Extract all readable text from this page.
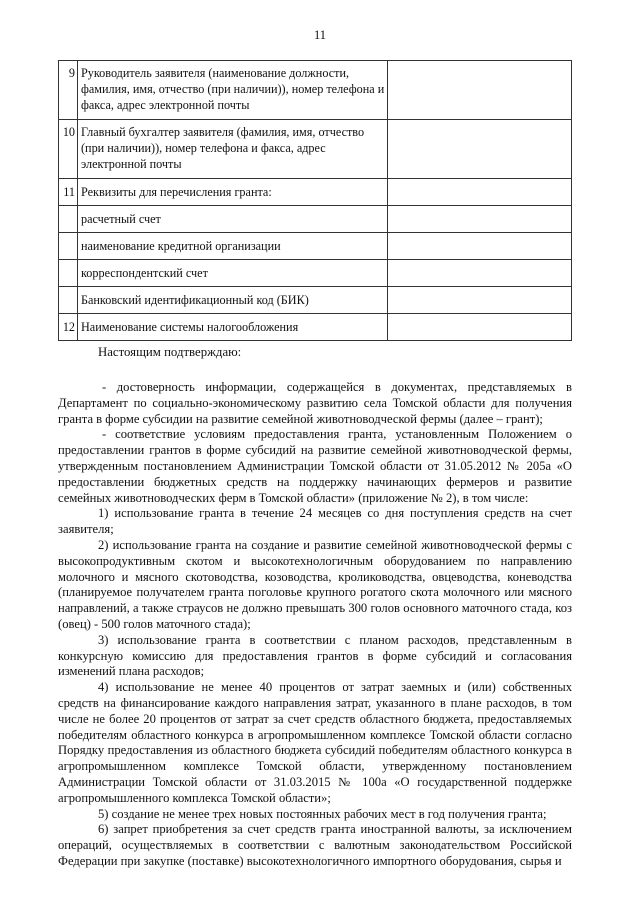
11
9	Руководитель заявителя (наименование должности, фамилия, имя, отчество (при наличии)), номер телефона и факса, адрес электронной почты	
10	Главный бухгалтер заявителя (фамилия, имя, отчество (при наличии)), номер телефона и факса, адрес электронной почты	
11	Реквизиты для перечисления гранта:	
	расчетный счет	
	наименование кредитной организации	
	корреспондентский счет	
	Банковский идентификационный код (БИК)	
12	Наименование системы налогообложения	
Настоящим подтверждаю:

- достоверность информации, содержащейся в документах, представляемых в Департамент по социально-экономическому развитию села Томской области для получения гранта в форме субсидии на развитие семейной животноводческой фермы (далее – грант);

- соответствие условиям предоставления гранта, установленным Положением о предоставлении грантов в форме субсидий на развитие семейной животноводческой фермы, утвержденным постановлением Администрации Томской области от 31.05.2012 № 205а «О предоставлении бюджетных средств на поддержку начинающих фермеров и развитие семейных животноводческих ферм в Томской области» (приложение № 2), в том числе:

1) использование гранта в течение 24 месяцев со дня поступления средств на счет заявителя;

2) использование гранта на создание и развитие семейной животноводческой фермы с высокопродуктивным скотом и высокотехнологичным оборудованием по направлению молочного и мясного скотоводства, козоводства, кролиководства, овцеводства, коневодства (планируемое получателем гранта поголовье крупного рогатого скота молочного или мясного направлений, а также страусов не должно превышать 300 голов основного маточного стада, коз (овец) - 500 голов маточного стада);

3) использование гранта в соответствии с планом расходов, представленным в конкурсную комиссию для предоставления грантов в форме субсидий и согласования изменений плана расходов;

4) использование не менее 40 процентов от затрат заемных и (или) собственных средств на финансирование каждого направления затрат, указанного в плане расходов, в том числе не более 20 процентов от затрат за счет средств областного бюджета, предоставляемых победителям областного конкурса в агропромышленном комплексе Томской области согласно Порядку предоставления из областного бюджета субсидий победителям областного конкурса в агропромышленном комплексе Томской области, утвержденному постановлением Администрации Томской области от 31.03.2015 № 100а «О государственной поддержке агропромышленного комплекса Томской области»;

5) создание не менее трех новых постоянных рабочих мест в год получения гранта;

6) запрет приобретения за счет средств гранта иностранной валюты, за исключением операций, осуществляемых в соответствии с валютным законодательством Российской Федерации при закупке (поставке) высокотехнологичного импортного оборудования, сырья и
